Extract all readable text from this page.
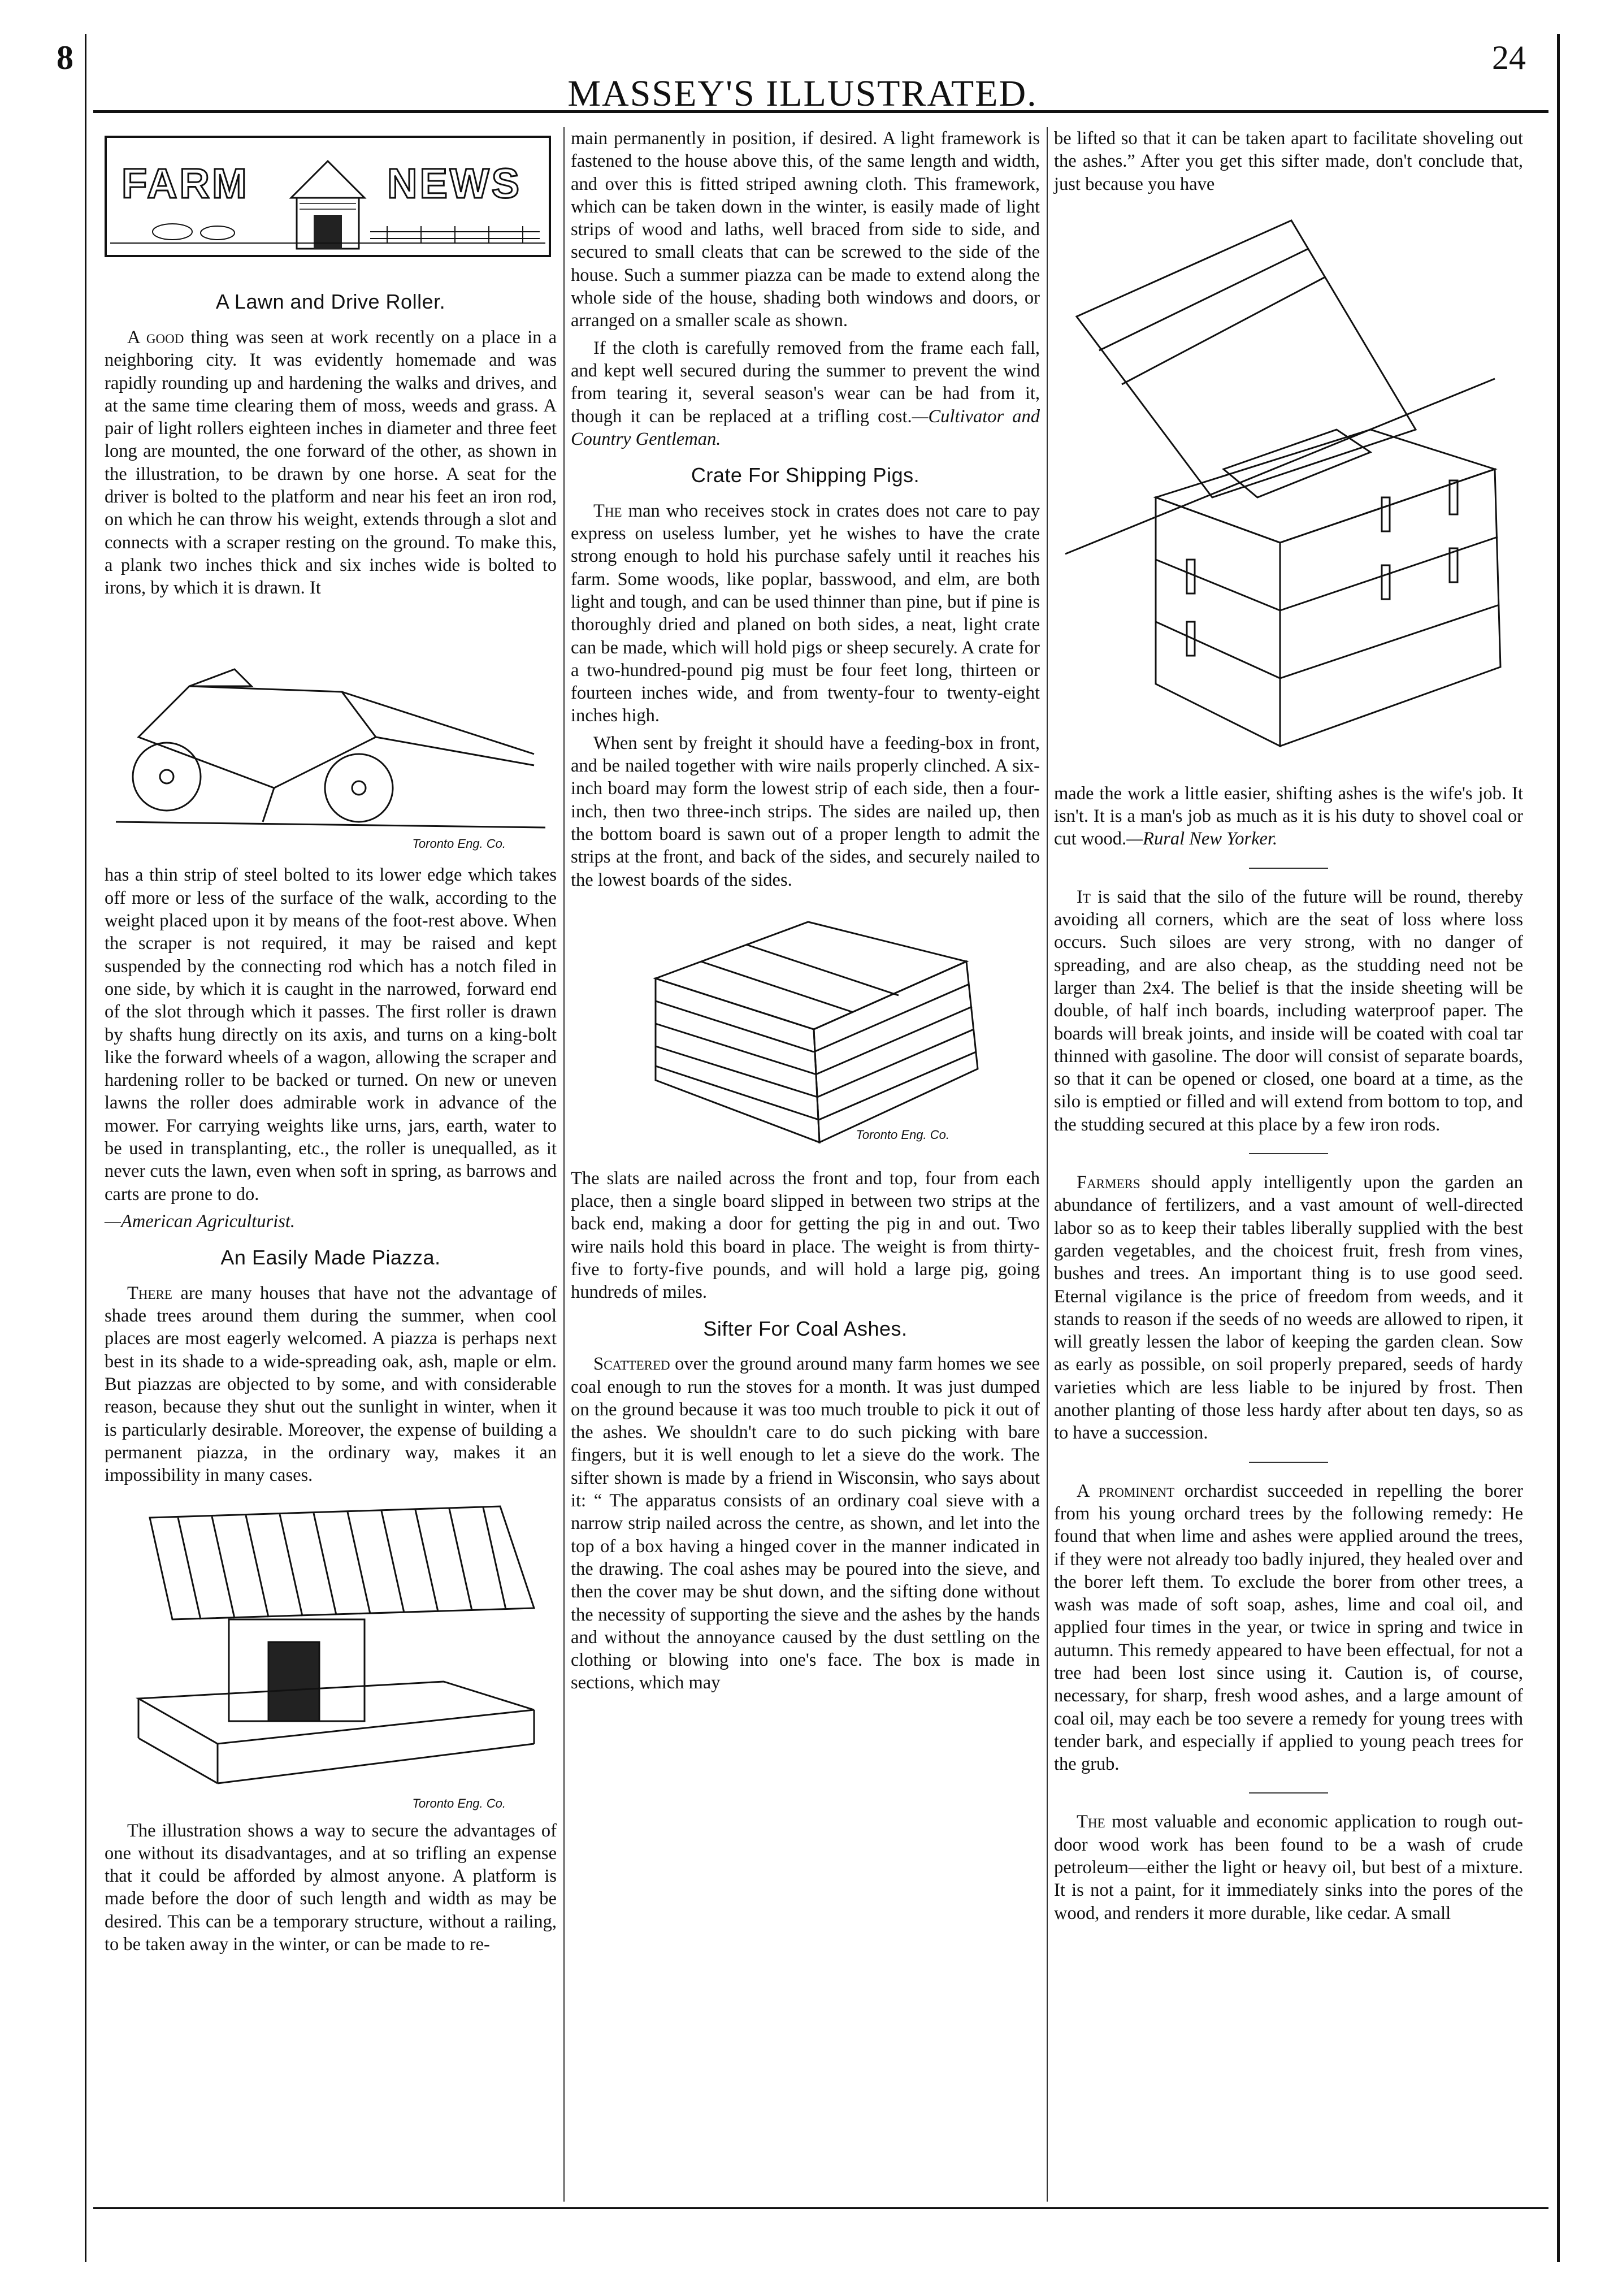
8
MASSEY'S ILLUSTRATED.
24
FARM	NEWS
A Lawn and Drive Roller.

A good thing was seen at work recently on a place in a neighboring city. It was evidently homemade and was rapidly rounding up and hardening the walks and drives, and at the same time clearing them of moss, weeds and grass. A pair of light rollers eighteen inches in diameter and three feet long are mounted, the one forward of the other, as shown in the illustration, to be drawn by one horse. A seat for the driver is bolted to the platform and near his feet an iron rod, on which he can throw his weight, extends through a slot and connects with a scraper resting on the ground. To make this, a plank two inches thick and six inches wide is bolted to irons, by which it is drawn. It

Toronto Eng. Co.

has a thin strip of steel bolted to its lower edge which takes off more or less of the surface of the walk, according to the weight placed upon it by means of the foot-rest above. When the scraper is not required, it may be raised and kept suspended by the connecting rod which has a notch filed in one side, by which it is caught in the narrowed, forward end of the slot through which it passes. The first roller is drawn by shafts hung directly on its axis, and turns on a king-bolt like the forward wheels of a wagon, allowing the scraper and hardening roller to be backed or turned. On new or uneven lawns the roller does admirable work in advance of the mower. For carrying weights like urns, jars, earth, water to be used in transplanting, etc., the roller is unequalled, as it never cuts the lawn, even when soft in spring, as barrows and carts are prone to do.

—American Agriculturist.

An Easily Made Piazza.

There are many houses that have not the advantage of shade trees around them during the summer, when cool places are most eagerly welcomed. A piazza is perhaps next best in its shade to a wide-spreading oak, ash, maple or elm. But piazzas are objected to by some, and with considerable reason, because they shut out the sunlight in winter, when it is particularly desirable. Moreover, the expense of building a permanent piazza, in the ordinary way, makes it an impossibility in many cases.

Toronto Eng. Co.

The illustration shows a way to secure the advantages of one without its disadvantages, and at so trifling an expense that it could be afforded by almost anyone. A platform is made before the door of such length and width as may be desired. This can be a temporary structure, without a railing, to be taken away in the winter, or can be made to re-

main permanently in position, if desired. A light framework is fastened to the house above this, of the same length and width, and over this is fitted striped awning cloth. This framework, which can be taken down in the winter, is easily made of light strips of wood and laths, well braced from side to side, and secured to small cleats that can be screwed to the side of the house. Such a summer piazza can be made to extend along the whole side of the house, shading both windows and doors, or arranged on a smaller scale as shown.

If the cloth is carefully removed from the frame each fall, and kept well secured during the summer to prevent the wind from tearing it, several season's wear can be had from it, though it can be replaced at a trifling cost.—Cultivator and Country Gentleman.

Crate For Shipping Pigs.

The man who receives stock in crates does not care to pay express on useless lumber, yet he wishes to have the crate strong enough to hold his purchase safely until it reaches his farm. Some woods, like poplar, basswood, and elm, are both light and tough, and can be used thinner than pine, but if pine is thoroughly dried and planed on both sides, a neat, light crate can be made, which will hold pigs or sheep securely. A crate for a two-hundred-pound pig must be four feet long, thirteen or fourteen inches wide, and from twenty-four to twenty-eight inches high.

When sent by freight it should have a feeding-box in front, and be nailed together with wire nails properly clinched. A six-inch board may form the lowest strip of each side, then a four-inch, then two three-inch strips. The sides are nailed up, then the bottom board is sawn out of a proper length to admit the strips at the front, and back of the sides, and securely nailed to the lowest boards of the sides.

Toronto Eng. Co.

The slats are nailed across the front and top, four from each place, then a single board slipped in between two strips at the back end, making a door for getting the pig in and out. Two wire nails hold this board in place. The weight is from thirty-five to forty-five pounds, and will hold a large pig, going hundreds of miles.

Sifter For Coal Ashes.

Scattered over the ground around many farm homes we see coal enough to run the stoves for a month. It was just dumped on the ground because it was too much trouble to pick it out of the ashes. We shouldn't care to do such picking with bare fingers, but it is well enough to let a sieve do the work. The sifter shown is made by a friend in Wisconsin, who says about it: “ The apparatus consists of an ordinary coal sieve with a narrow strip nailed across the centre, as shown, and let into the top of a box having a hinged cover in the manner indicated in the drawing. The coal ashes may be poured into the sieve, and then the cover may be shut down, and the sifting done without the necessity of supporting the sieve and the ashes by the hands and without the annoyance caused by the dust settling on the clothing or blowing into one's face. The box is made in sections, which may

be lifted so that it can be taken apart to facilitate shoveling out the ashes.” After you get this sifter made, don't conclude that, just because you have

made the work a little easier, shifting ashes is the wife's job. It isn't. It is a man's job as much as it is his duty to shovel coal or cut wood.—Rural New Yorker.

It is said that the silo of the future will be round, thereby avoiding all corners, which are the seat of loss where loss occurs. Such siloes are very strong, with no danger of spreading, and are also cheap, as the studding need not be larger than 2x4. The belief is that the inside sheeting will be double, of half inch boards, including waterproof paper. The boards will break joints, and inside will be coated with coal tar thinned with gasoline. The door will consist of separate boards, so that it can be opened or closed, one board at a time, as the silo is emptied or filled and will extend from bottom to top, and the studding secured at this place by a few iron rods.

Farmers should apply intelligently upon the garden an abundance of fertilizers, and a vast amount of well-directed labor so as to keep their tables liberally supplied with the best garden vegetables, and the choicest fruit, fresh from vines, bushes and trees. An important thing is to use good seed. Eternal vigilance is the price of freedom from weeds, and it stands to reason if the seeds of no weeds are allowed to ripen, it will greatly lessen the labor of keeping the garden clean. Sow as early as possible, on soil properly prepared, seeds of hardy varieties which are less liable to be injured by frost. Then another planting of those less hardy after about ten days, so as to have a succession.

A prominent orchardist succeeded in repelling the borer from his young orchard trees by the following remedy: He found that when lime and ashes were applied around the trees, if they were not already too badly injured, they healed over and the borer left them. To exclude the borer from other trees, a wash was made of soft soap, ashes, lime and coal oil, and applied four times in the year, or twice in spring and twice in autumn. This remedy appeared to have been effectual, for not a tree had been lost since using it. Caution is, of course, necessary, for sharp, fresh wood ashes, and a large amount of coal oil, may each be too severe a remedy for young trees with tender bark, and especially if applied to young peach trees for the grub.

The most valuable and economic application to rough out-door wood work has been found to be a wash of crude petroleum—either the light or heavy oil, but best of a mixture. It is not a paint, for it immediately sinks into the pores of the wood, and renders it more durable, like cedar. A small
